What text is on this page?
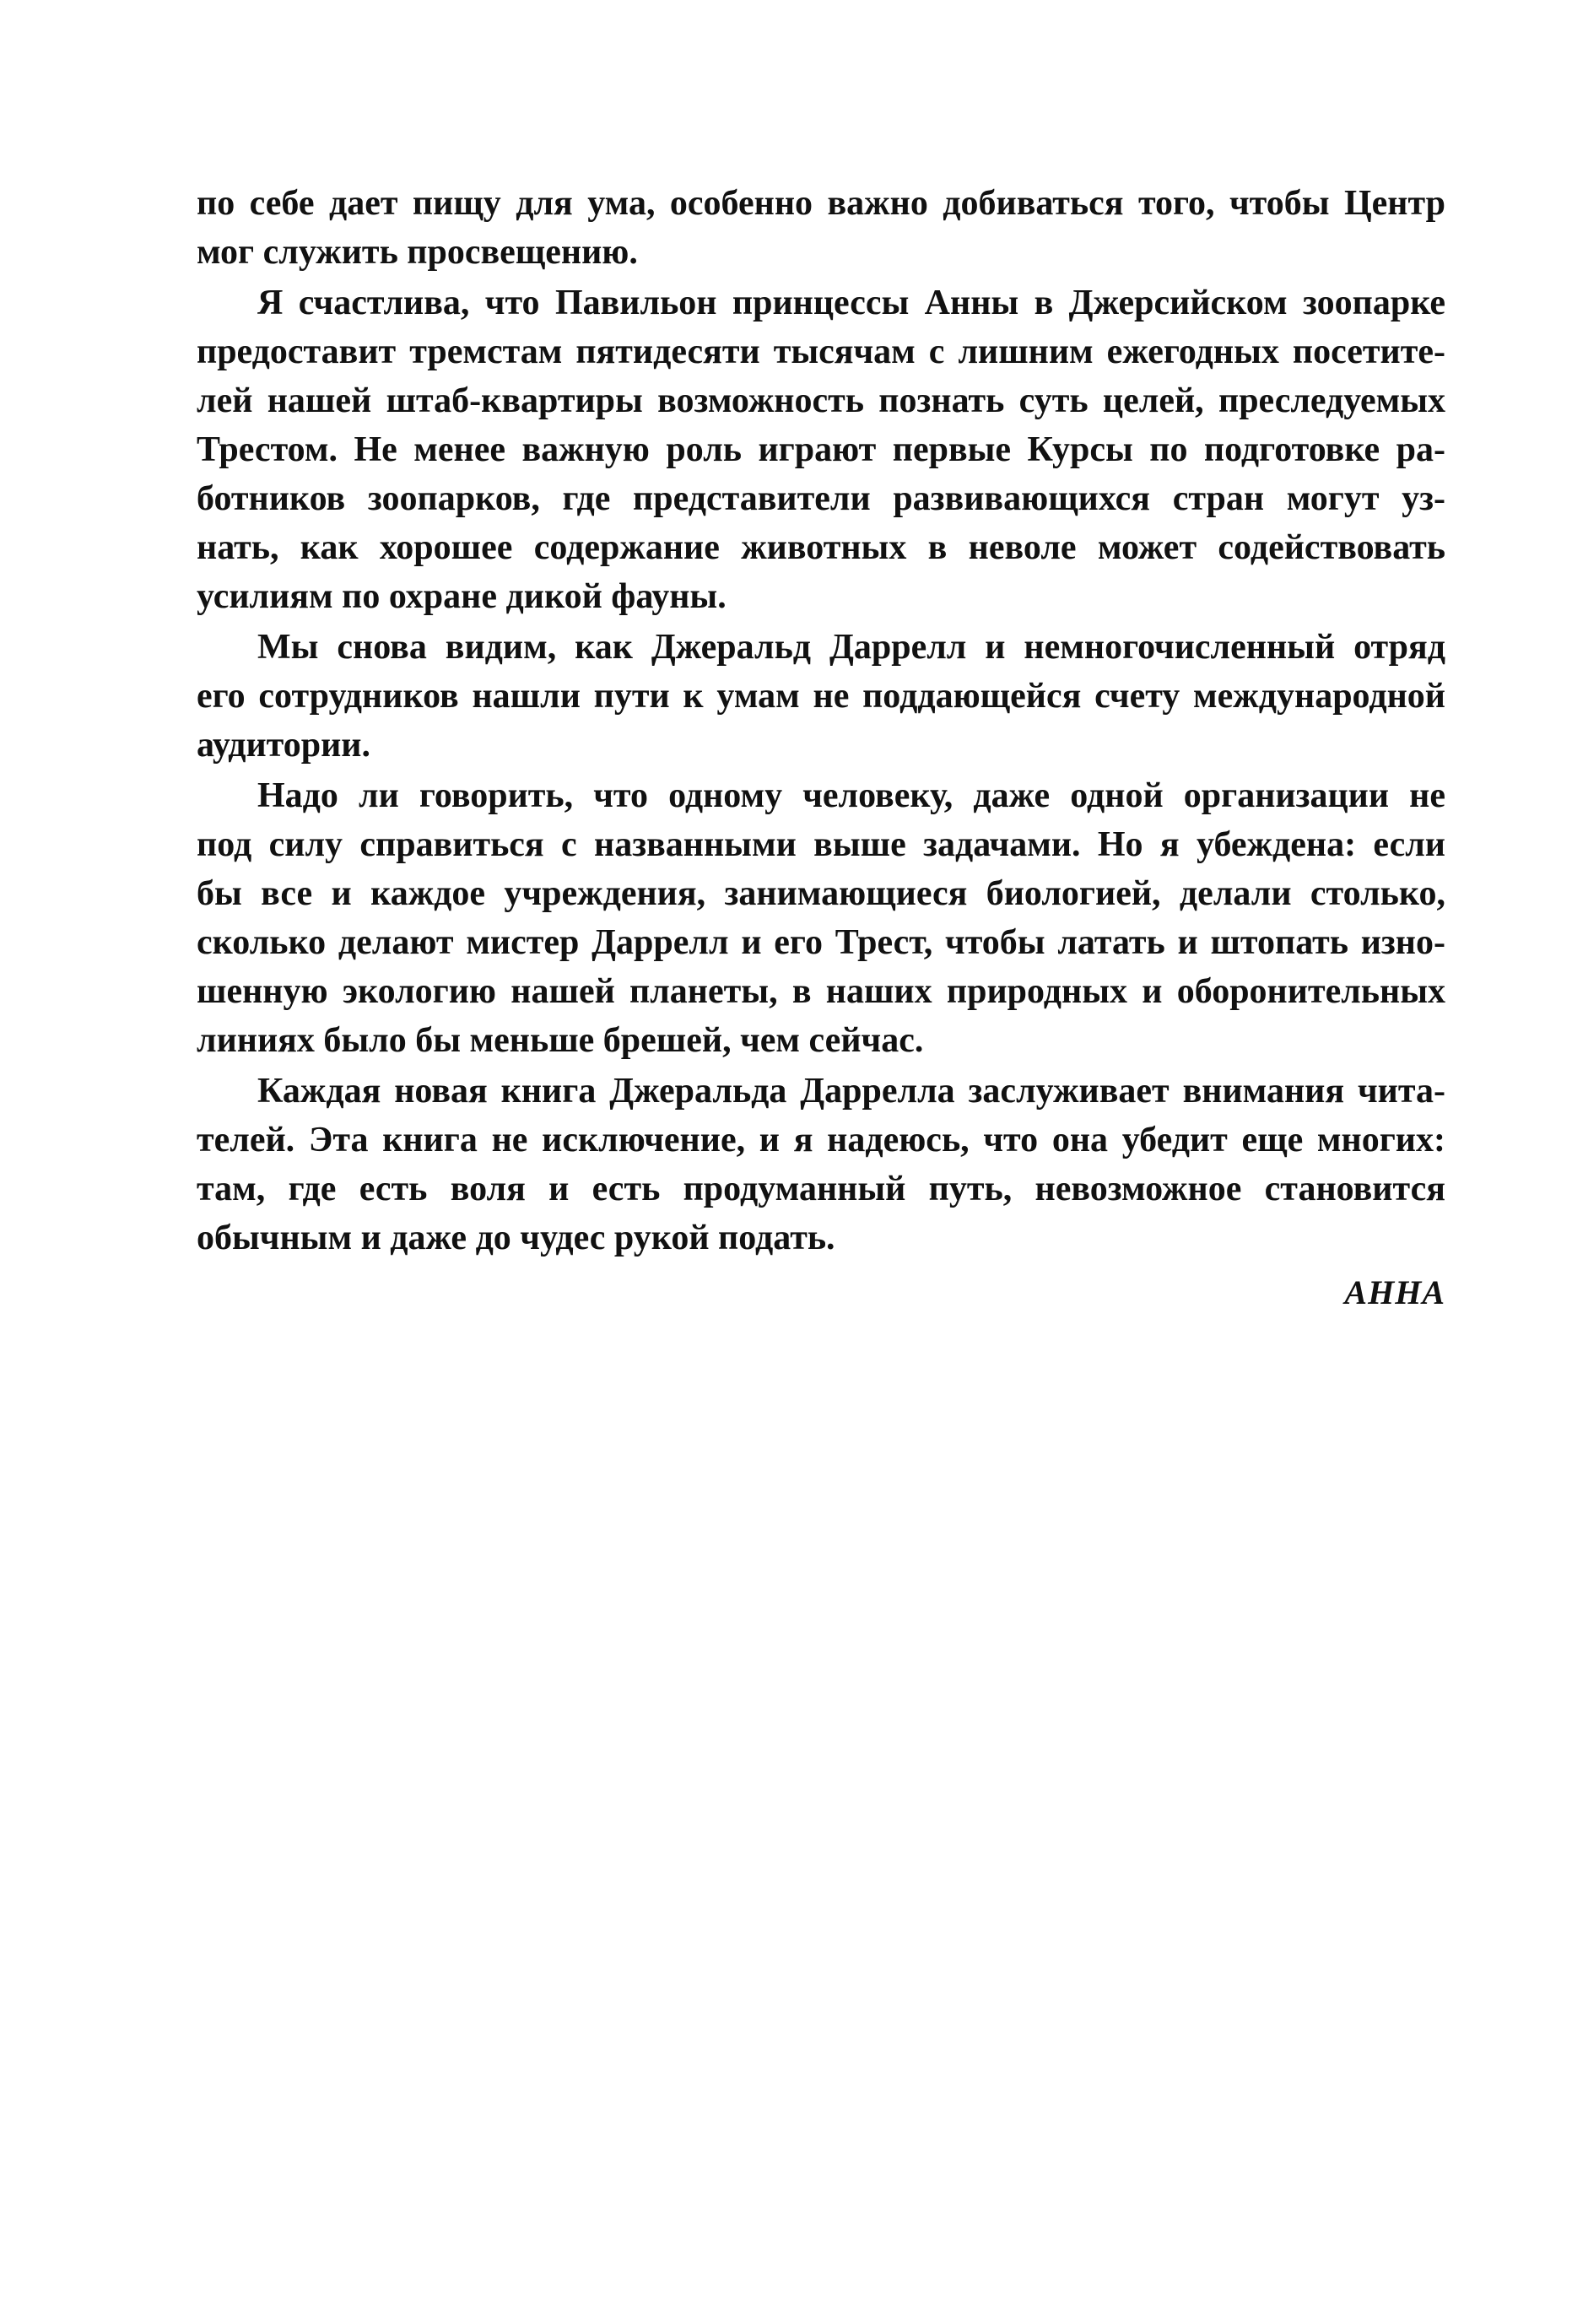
по себе дает пищу для ума, особенно важно добиваться того, чтобы Центр
мог служить просвещению.
Я счастлива, что Павильон принцессы Анны в Джерсийском зоопарке
предоставит тремстам пятидесяти тысячам с лишним ежегодных посетите-
лей нашей штаб-квартиры возможность познать суть целей, преследуемых
Трестом. Не менее важную роль играют первые Курсы по подготовке ра-
ботников зоопарков, где представители развивающихся стран могут уз-
нать, как хорошее содержание животных в неволе может содействовать
усилиям по охране дикой фауны.
Мы снова видим, как Джеральд Даррелл и немногочисленный отряд
его сотрудников нашли пути к умам не поддающейся счету международной
аудитории.
Надо ли говорить, что одному человеку, даже одной организации не
под силу справиться с названными выше задачами. Но я убеждена: если
бы все и каждое учреждения, занимающиеся биологией, делали столько,
сколько делают мистер Даррелл и его Трест, чтобы латать и штопать изно-
шенную экологию нашей планеты, в наших природных и оборонительных
линиях было бы меньше брешей, чем сейчас.
Каждая новая книга Джеральда Даррелла заслуживает внимания чита-
телей. Эта книга не исключение, и я надеюсь, что она убедит еще многих:
там, где есть воля и есть продуманный путь, невозможное становится
обычным и даже до чудес рукой подать.
АННА
